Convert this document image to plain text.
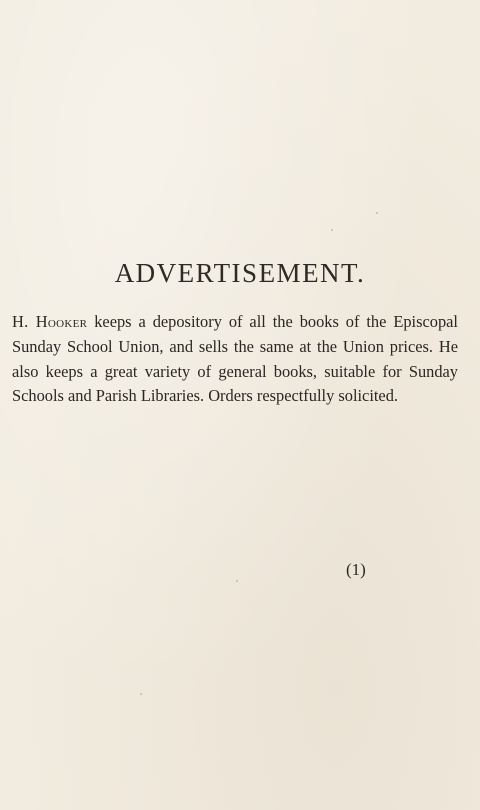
ADVERTISEMENT.

H. Hooker keeps a depository of all the books of the Episcopal Sunday School Union, and sells the same at the Union prices. He also keeps a great variety of general books, suitable for Sunday Schools and Parish Libraries. Orders respectfully solicited.

(1)
